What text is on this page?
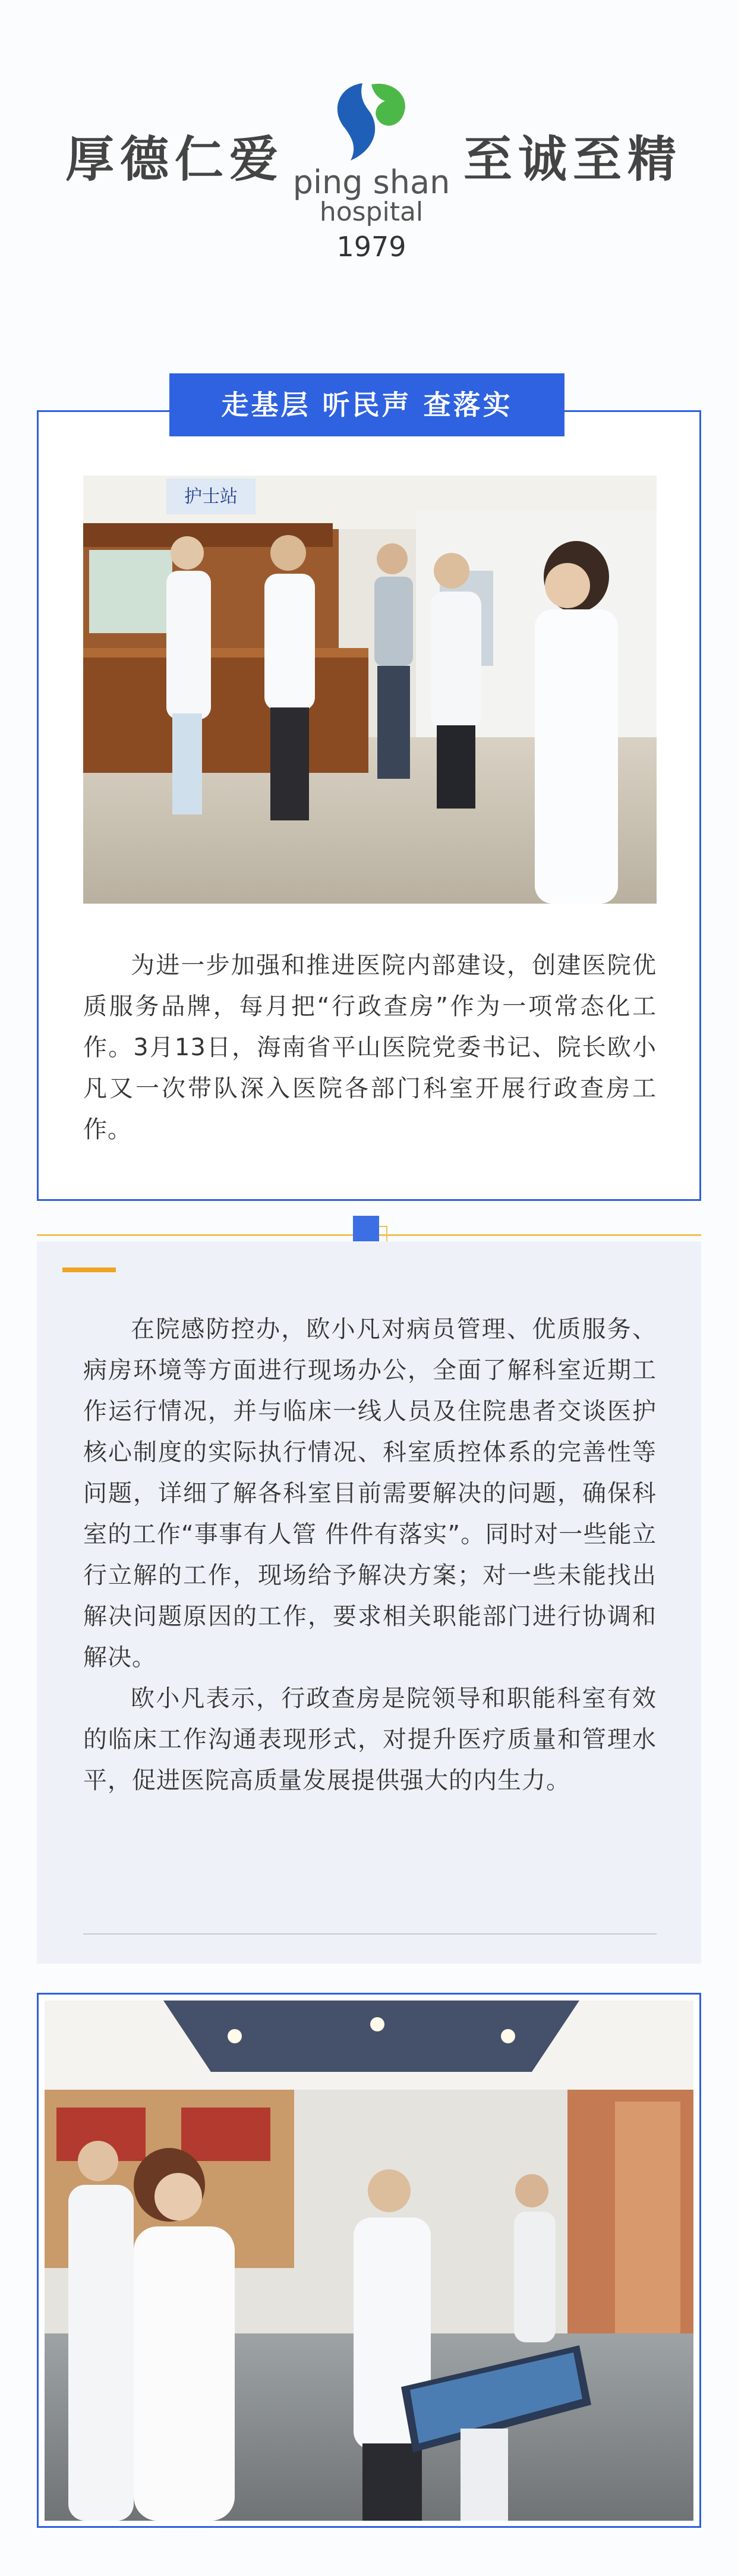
厚德仁爱 ping shan
hospital
1979
至诚至精
走基层 听民声 查落实
护士站

为进一步加强和推进医院内部建设，创建医院优质服务品牌，每月把“行政查房”作为一项常态化工作。3月13日，海南省平山医院党委书记、院长欧小凡又一次带队深入医院各部门科室开展行政查房工作。

在院感防控办，欧小凡对病员管理、优质服务、病房环境等方面进行现场办公，全面了解科室近期工作运行情况，并与临床一线人员及住院患者交谈医护核心制度的实际执行情况、科室质控体系的完善性等问题，详细了解各科室目前需要解决的问题，确保科室的工作“事事有人管 件件有落实”。同时对一些能立行立解的工作，现场给予解决方案；对一些未能找出解决问题原因的工作，要求相关职能部门进行协调和解决。

欧小凡表示，行政查房是院领导和职能科室有效的临床工作沟通表现形式，对提升医疗质量和管理水平，促进医院高质量发展提供强大的内生力。
